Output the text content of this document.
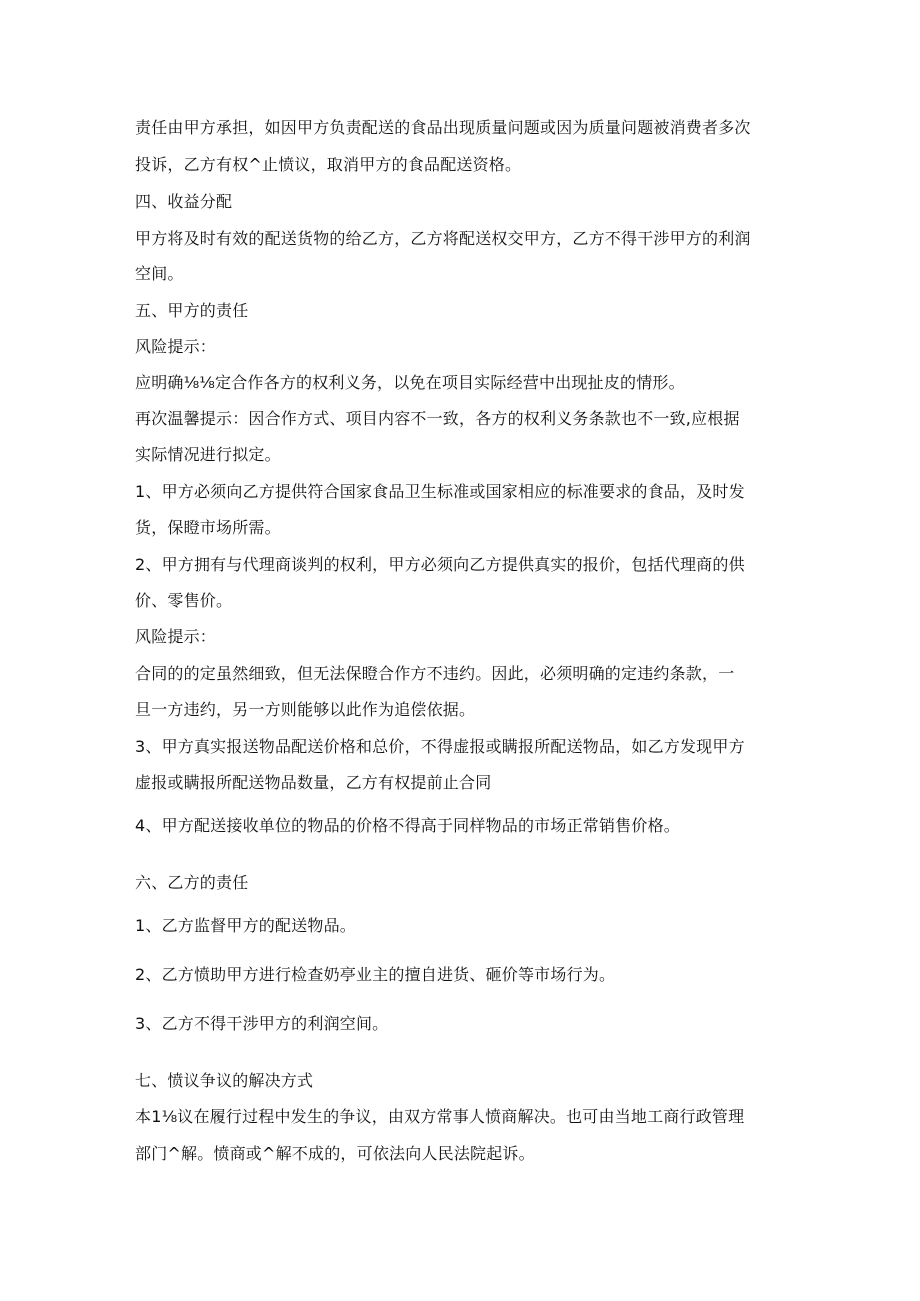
责任由甲方承担，如因甲方负责配送的食品出现质量问题或因为质量问题被消费者多次
投诉，乙方有权^止愤议，取消甲方的食品配送资格。
四、收益分配
甲方将及时有效的配送货物的给乙方，乙方将配送权交甲方，乙方不得干涉甲方的利润
空间。
五、甲方的责任
风险提示：
应明确⅛⅛定合作各方的权利义务，以免在项目实际经营中出现扯皮的情形。
再次温馨提示：因合作方式、项目内容不一致，各方的权利义务条款也不一致,应根据
实际情况进行拟定。
1、甲方必须向乙方提供符合国家食品卫生标准或国家相应的标准要求的食品，及时发
货，保瞪市场所需。
2、甲方拥有与代理商谈判的权利，甲方必须向乙方提供真实的报价，包括代理商的供
价、零售价。
风险提示：
合同的的定虽然细致，但无法保瞪合作方不违约。因此，必须明确的定违约条款，一
旦一方违约，另一方则能够以此作为追偿依据。
3、甲方真实报送物品配送价格和总价，不得虚报或瞒报所配送物品，如乙方发现甲方
虚报或瞒报所配送物品数量，乙方有权提前止合同
4、甲方配送接收单位的物品的价格不得高于同样物品的市场正常销售价格。
六、乙方的责任
1、乙方监督甲方的配送物品。
2、乙方愤助甲方进行检查奶亭业主的擅自进货、砸价等市场行为。
3、乙方不得干涉甲方的利润空间。
七、愤议争议的解决方式
本1⅛议在履行过程中发生的争议，由双方常事人愤商解决。也可由当地工商行政管理
部门^解。愤商或^解不成的，可依法向人民法院起诉。
